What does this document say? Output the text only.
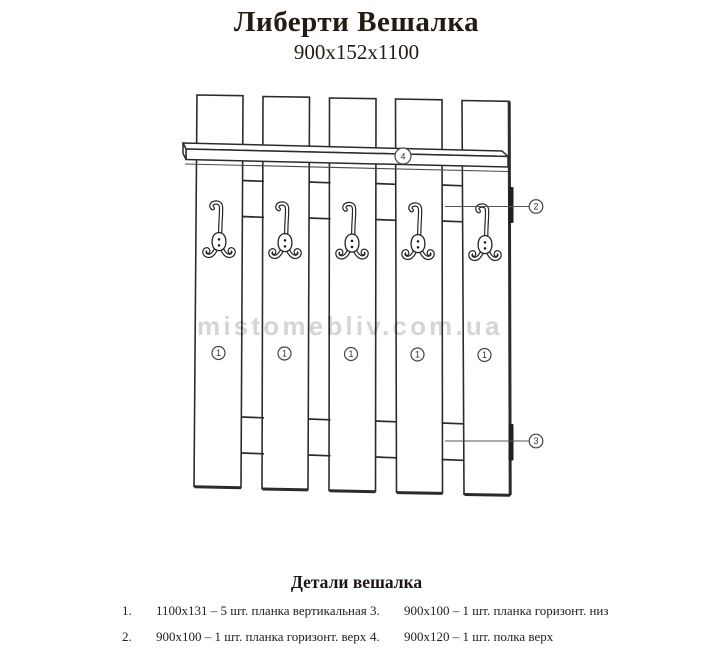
Либерти Вешалка
900x152x1100
1	1	1	1	1
2
3
4
mistomebliv.com.ua
Детали вешалка
1. 1100x131 – 5 шт. планка вертикальная 3. 900x100 – 1 шт. планка горизонт. низ
2. 900x100 – 1 шт. планка горизонт. верх 4. 900x120 – 1 шт. полка верх
